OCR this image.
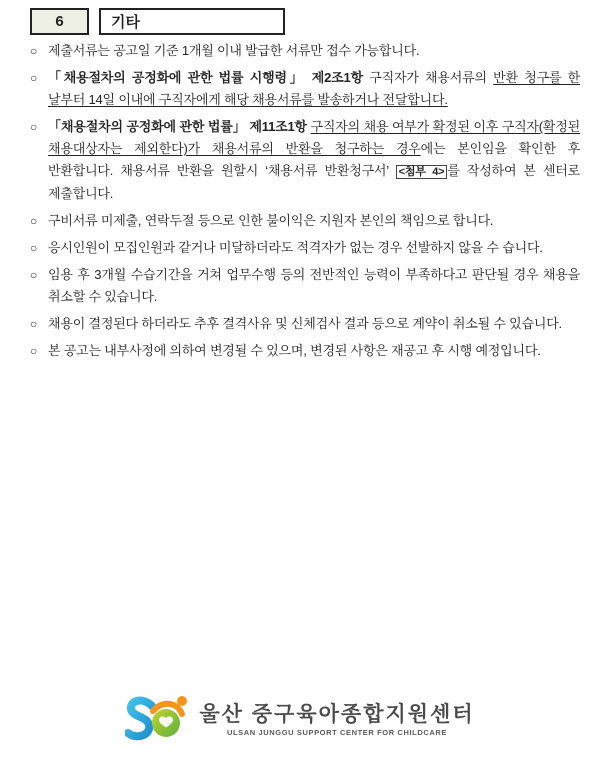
6	기타
○ 제출서류는 공고일 기준 1개월 이내 발급한 서류만 접수 가능합니다.
○ 「채용절차의 공정화에 관한 법률 시행령」 제2조1항 구직자가 채용서류의 반환 청구를 한 날부터 14일 이내에 구직자에게 해당 채용서류를 발송하거나 전달합니다.
○ 「채용절차의 공정화에 관한 법률」 제11조1항 구직자의 채용 여부가 확정된 이후 구직자(확정된 채용대상자는 제외한다)가 채용서류의 반환을 청구하는 경우에는 본인임을 확인한 후 반환합니다. 채용서류 반환을 원할시 ‘채용서류 반환청구서’ <첨부 4> 를 작성하여 본 센터로 제출합니다.
○ 구비서류 미제출, 연락두절 등으로 인한 불이익은 지원자 본인의 책임으로 합니다.
○ 응시인원이 모집인원과 같거나 미달하더라도 적격자가 없는 경우 선발하지 않을 수 습니다.
○ 임용 후 3개월 수습기간을 거쳐 업무수행 등의 전반적인 능력이 부족하다고 판단될 경우 채용을 취소할 수 있습니다.
○ 채용이 결정된다 하더라도 추후 결격사유 및 신체검사 결과 등으로 계약이 취소될 수 있습니다.
○ 본 공고는 내부사정에 의하여 변경될 수 있으며, 변경된 사항은 재공고 후 시행 예정입니다.
울산 중구육아종합지원센터
ULSAN JUNGGU SUPPORT CENTER FOR CHILDCARE
